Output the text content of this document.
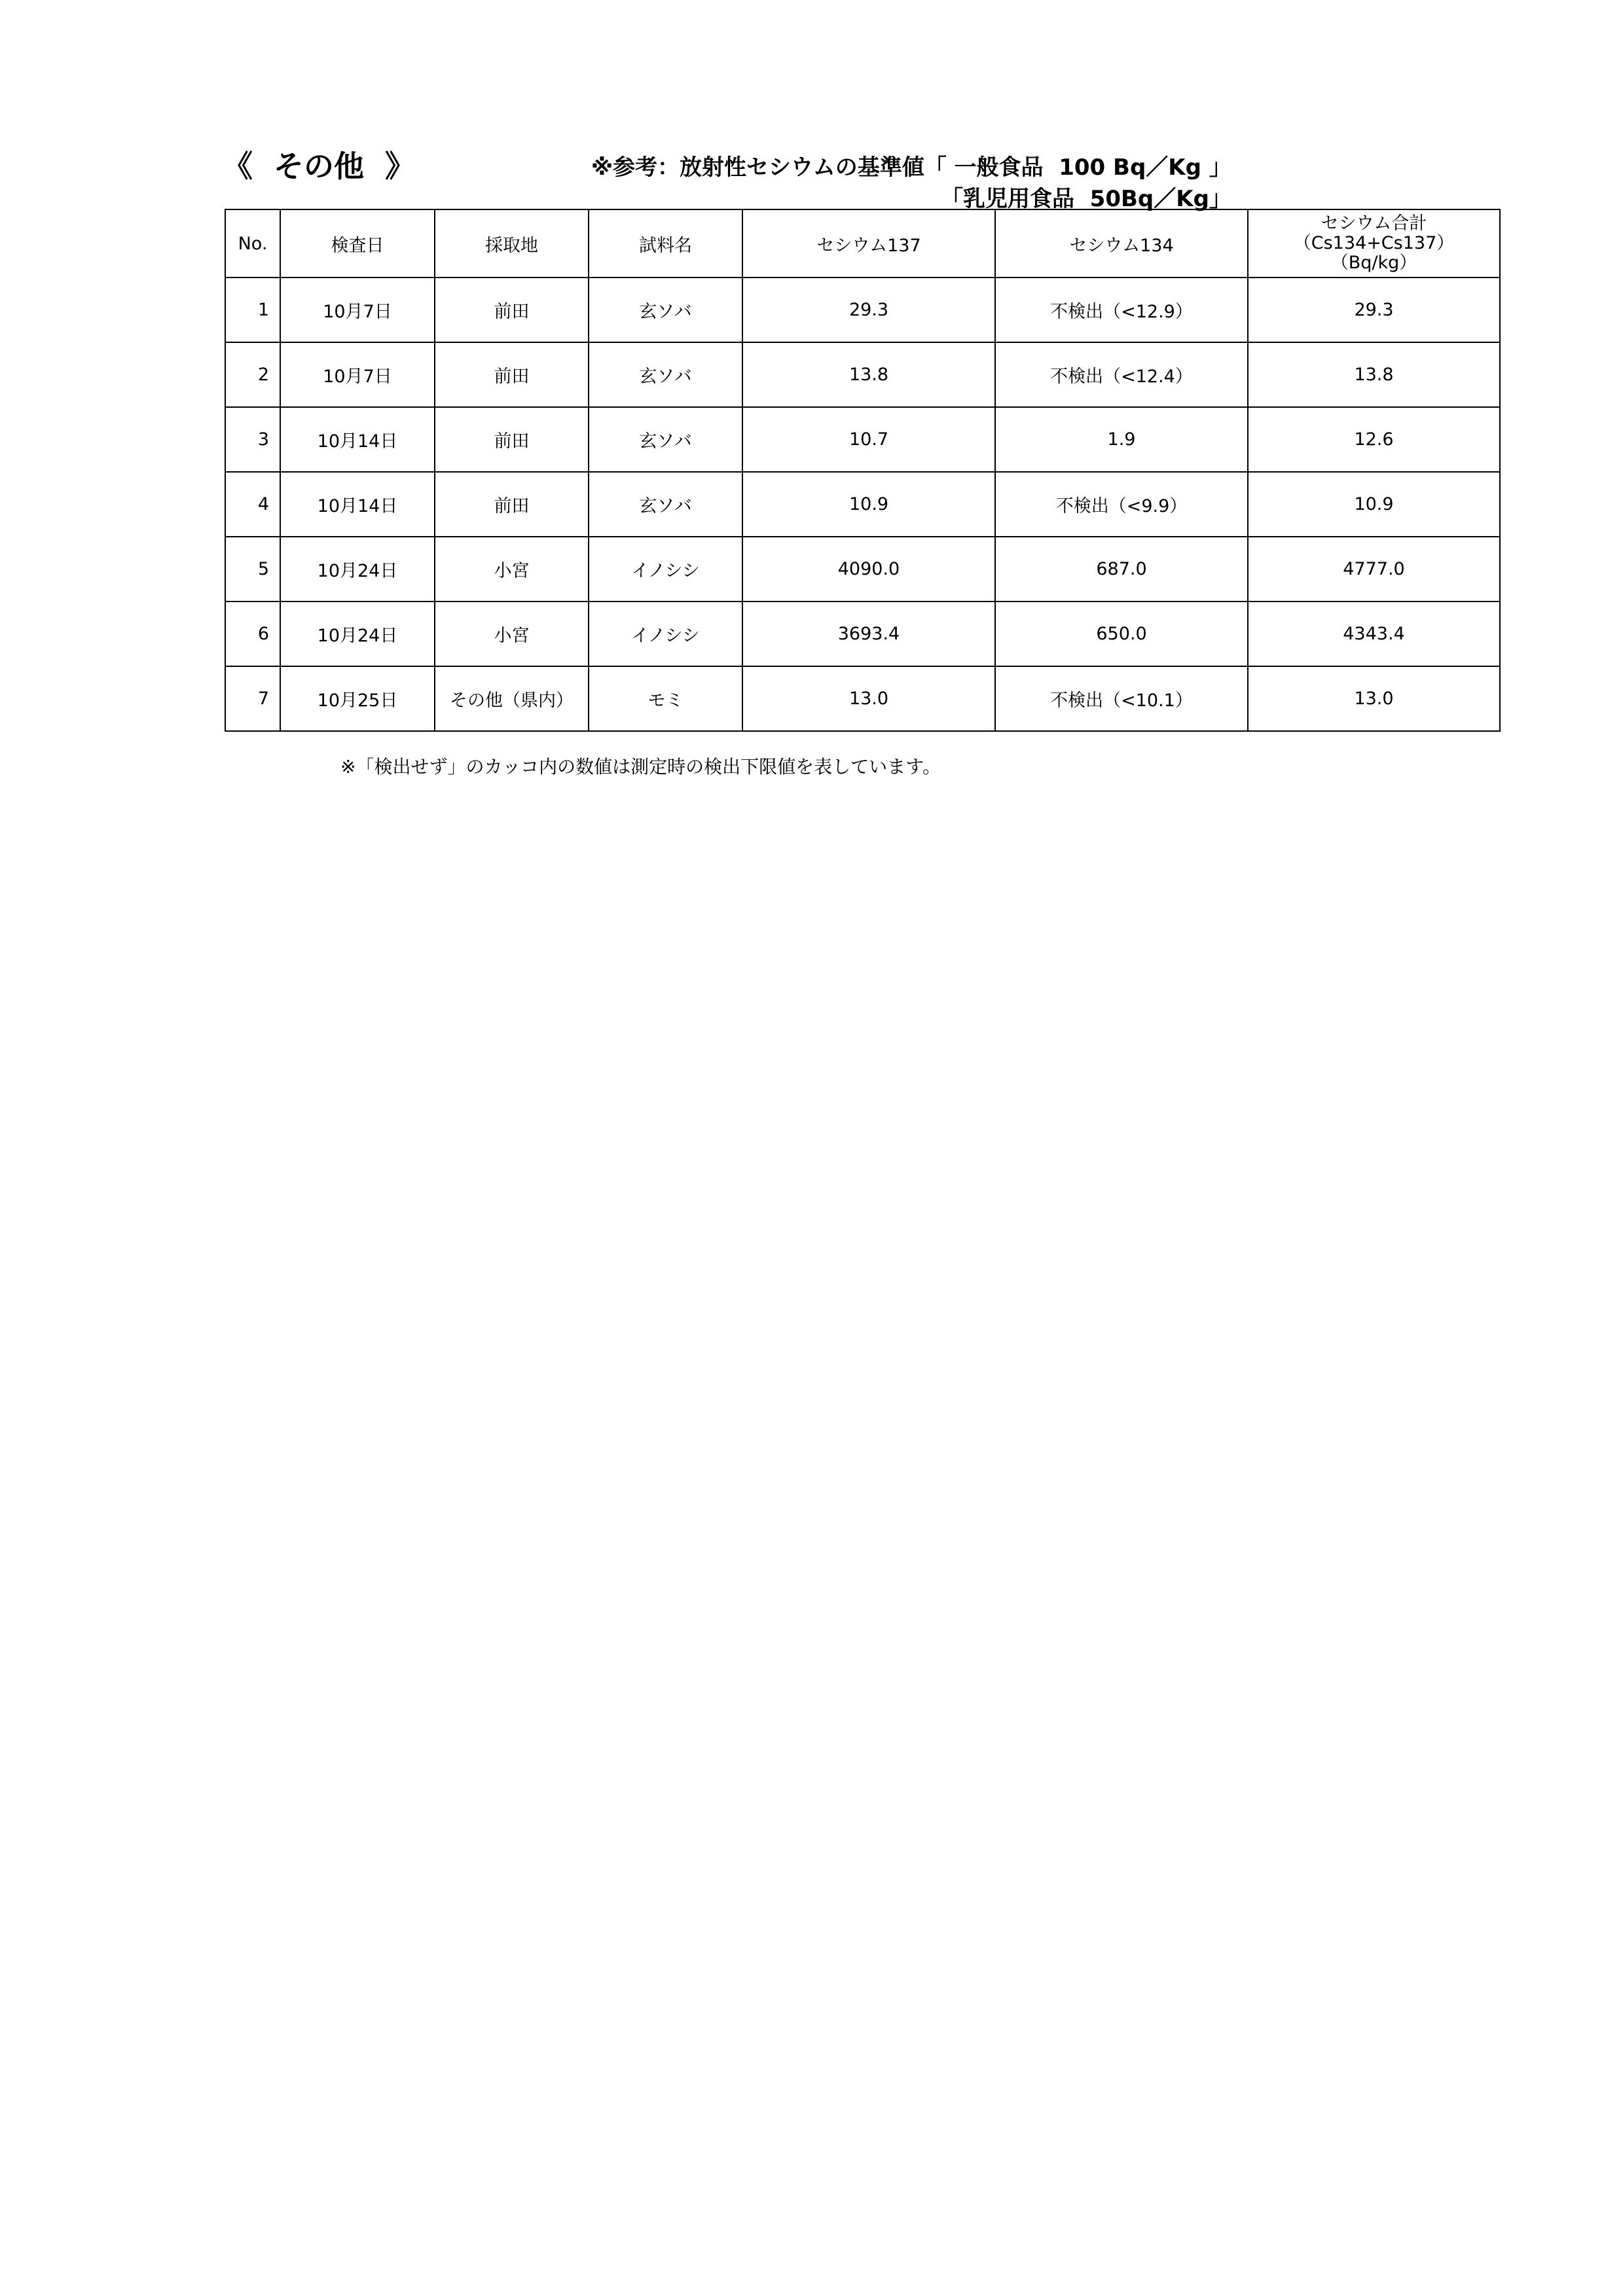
《  その他  》	※参考：放射性セシウムの基準値「 一般食品  100 Bq／Kg 」
「乳児用食品  50Bq／Kg」
No.	検査日	採取地	試料名	セシウム137	セシウム134	セシウム合計
（Cs134+Cs137）
（Bq/kg）

1	10月7日	前田	玄ソバ	29.3	不検出（<12.9）	29.3
2	10月7日	前田	玄ソバ	13.8	不検出（<12.4）	13.8
3	10月14日	前田	玄ソバ	10.7	1.9	12.6
4	10月14日	前田	玄ソバ	10.9	不検出（<9.9）	10.9
5	10月24日	小宮	イノシシ	4090.0	687.0	4777.0
6	10月24日	小宮	イノシシ	3693.4	650.0	4343.4
7	10月25日	その他（県内）	モミ	13.0	不検出（<10.1）	13.0
※「検出せず」のカッコ内の数値は測定時の検出下限値を表しています。
